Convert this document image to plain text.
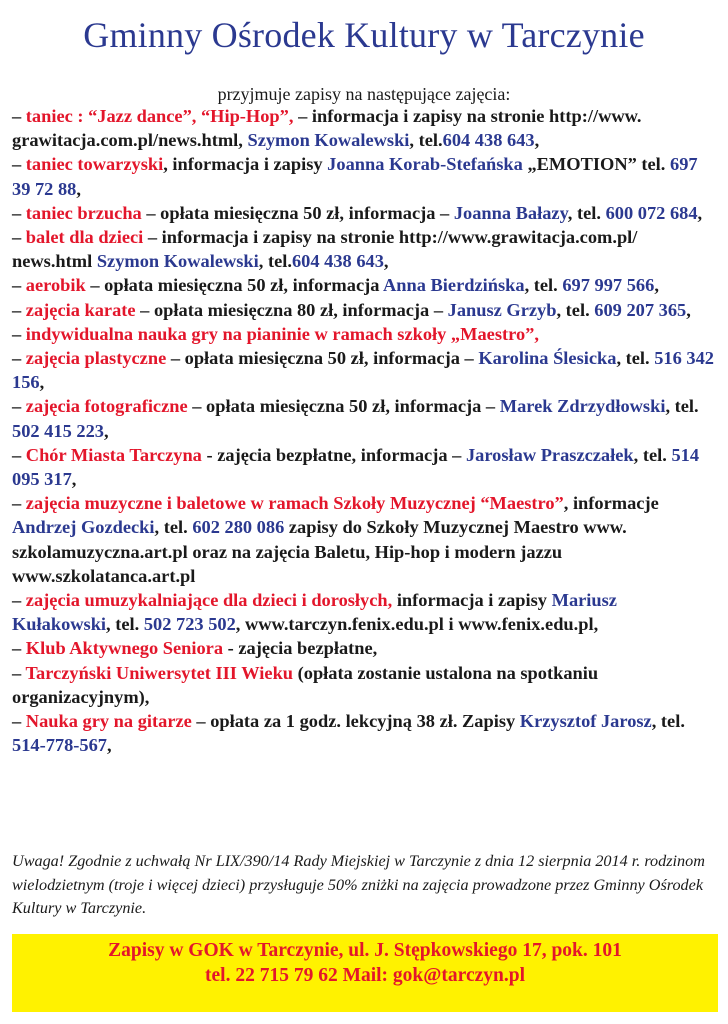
Gminny Ośrodek Kultury w Tarczynie
przyjmuje zapisy na następujące zajęcia:
– taniec : “Jazz dance”, “Hip-Hop”, – informacja i zapisy na stronie http://www. grawitacja.com.pl/news.html, Szymon Kowalewski, tel.604 438 643,
– taniec towarzyski, informacja i zapisy Joanna Korab-Stefańska „EMOTION” tel. 697 39 72 88,
– taniec brzucha – opłata miesięczna 50 zł, informacja – Joanna Bałazy, tel. 600 072 684,
– balet dla dzieci – informacja i zapisy na stronie http://www.grawitacja.com.pl/ news.html Szymon Kowalewski, tel.604 438 643,
– aerobik – opłata miesięczna 50 zł, informacja Anna Bierdzińska, tel. 697 997 566,
– zajęcia karate – opłata miesięczna 80 zł, informacja – Janusz Grzyb, tel. 609 207 365,
– indywidualna nauka gry na pianinie w ramach szkoły „Maestro”,
– zajęcia plastyczne – opłata miesięczna 50 zł, informacja – Karolina Ślesicka, tel. 516 342 156,
– zajęcia fotograficzne – opłata miesięczna 50 zł, informacja – Marek Zdrzydłowski, tel. 502 415 223,
– Chór Miasta Tarczyna - zajęcia bezpłatne, informacja – Jarosław Praszczałek, tel. 514 095 317,
– zajęcia muzyczne i baletowe w ramach Szkoły Muzycznej “Maestro”, informacje Andrzej Gozdecki, tel. 602 280 086 zapisy do Szkoły Muzycznej Maestro www. szkolamuzyczna.art.pl oraz na zajęcia Baletu, Hip-hop i modern jazzu www.szkolatanca.art.pl
– zajęcia umuzykalniające dla dzieci i dorosłych, informacja i zapisy Mariusz Kułakowski, tel. 502 723 502, www.tarczyn.fenix.edu.pl i www.fenix.edu.pl,
– Klub Aktywnego Seniora - zajęcia bezpłatne,
– Tarczyński Uniwersytet III Wieku (opłata zostanie ustalona na spotkaniu organizacyjnym),
– Nauka gry na gitarze – opłata za 1 godz. lekcyjną 38 zł. Zapisy Krzysztof Jarosz, tel. 514-778-567,
Uwaga! Zgodnie z uchwałą Nr LIX/390/14 Rady Miejskiej w Tarczynie z dnia 12 sierpnia 2014 r. rodzinom wielodzietnym (troje i więcej dzieci) przysługuje 50% zniżki na zajęcia prowadzone przez Gminny Ośrodek Kultury w Tarczynie.
Zapisy w GOK w Tarczynie, ul. J. Stępkowskiego 17, pok. 101
tel. 22 715 79 62 Mail: gok@tarczyn.pl
